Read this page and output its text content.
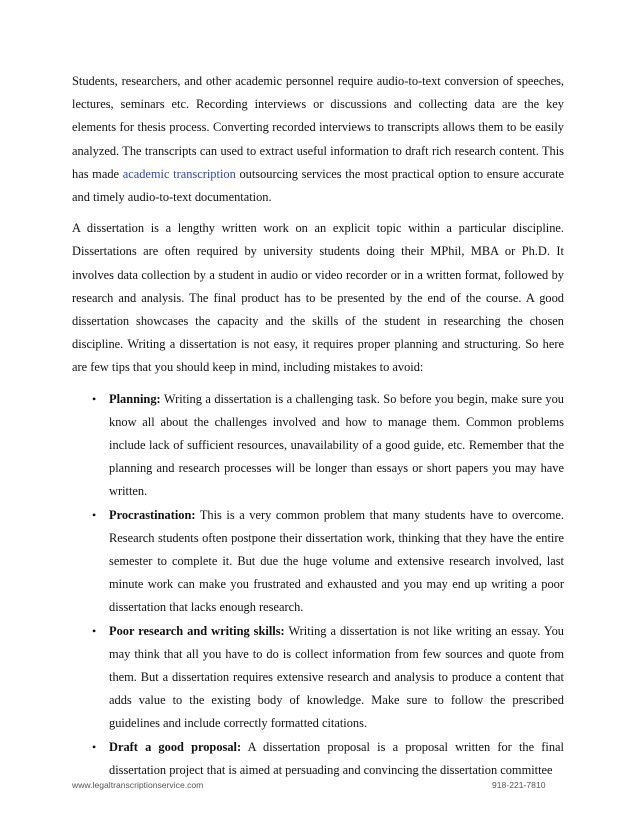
Students, researchers, and other academic personnel require audio-to-text conversion of speeches, lectures, seminars etc. Recording interviews or discussions and collecting data are the key elements for thesis process. Converting recorded interviews to transcripts allows them to be easily analyzed. The transcripts can used to extract useful information to draft rich research content. This has made academic transcription outsourcing services the most practical option to ensure accurate and timely audio-to-text documentation.

A dissertation is a lengthy written work on an explicit topic within a particular discipline. Dissertations are often required by university students doing their MPhil, MBA or Ph.D. It involves data collection by a student in audio or video recorder or in a written format, followed by research and analysis. The final product has to be presented by the end of the course. A good dissertation showcases the capacity and the skills of the student in researching the chosen discipline. Writing a dissertation is not easy, it requires proper planning and structuring. So here are few tips that you should keep in mind, including mistakes to avoid:

• Planning: Writing a dissertation is a challenging task. So before you begin, make sure you know all about the challenges involved and how to manage them. Common problems include lack of sufficient resources, unavailability of a good guide, etc. Remember that the planning and research processes will be longer than essays or short papers you may have written.
• Procrastination: This is a very common problem that many students have to overcome. Research students often postpone their dissertation work, thinking that they have the entire semester to complete it. But due the huge volume and extensive research involved, last minute work can make you frustrated and exhausted and you may end up writing a poor dissertation that lacks enough research.
• Poor research and writing skills: Writing a dissertation is not like writing an essay. You may think that all you have to do is collect information from few sources and quote from them. But a dissertation requires extensive research and analysis to produce a content that adds value to the existing body of knowledge. Make sure to follow the prescribed guidelines and include correctly formatted citations.
• Draft a good proposal: A dissertation proposal is a proposal written for the final dissertation project that is aimed at persuading and convincing the dissertation committee
www.legaltranscriptionservice.com	918-221-7810
